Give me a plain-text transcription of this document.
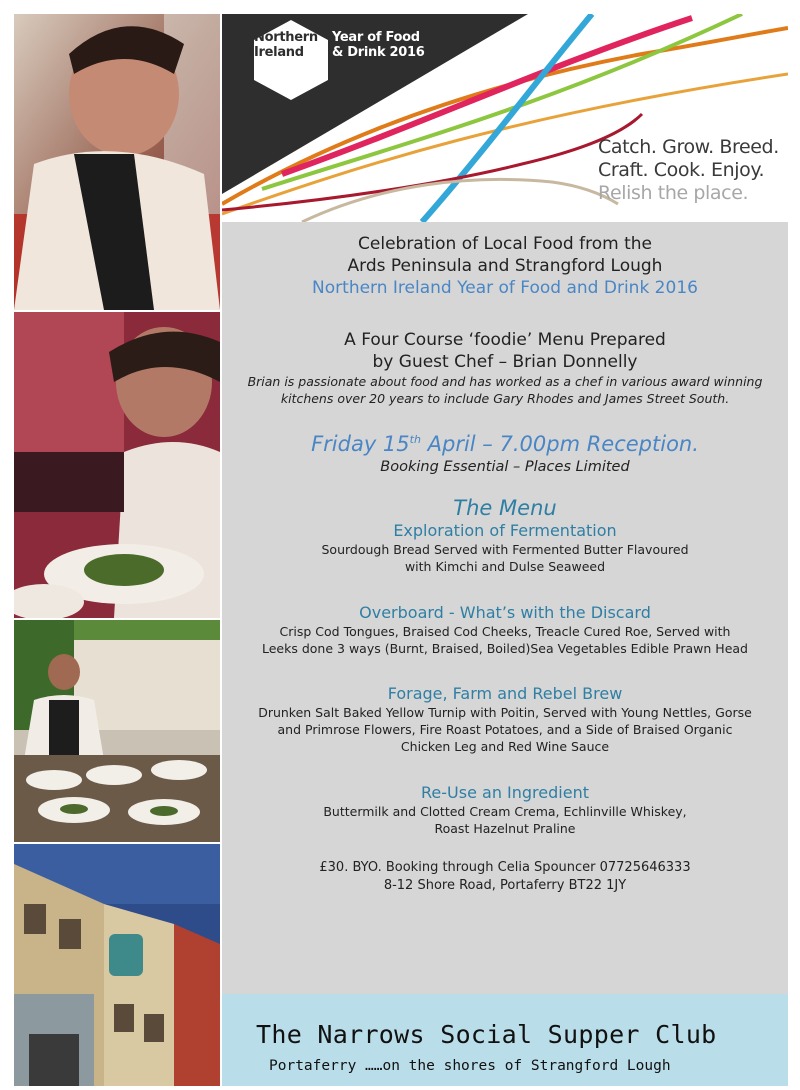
Northern
Ireland
Year of Food
& Drink 2016
Catch. Grow. Breed.
Craft. Cook. Enjoy.
Relish the place.
Celebration of Local Food from the
Ards Peninsula and Strangford Lough
Northern Ireland Year of Food and Drink 2016
A Four Course ‘foodie’ Menu Prepared
by Guest Chef – Brian Donnelly
Brian is passionate about food and has worked as a chef in various award winning kitchens over 20 years to include Gary Rhodes and James Street South.
Friday 15th April – 7.00pm Reception.
Booking Essential – Places Limited
The Menu
Exploration of Fermentation
Sourdough Bread Served with Fermented Butter Flavoured
with Kimchi and Dulse Seaweed
Overboard - What’s with the Discard
Crisp Cod Tongues, Braised Cod Cheeks, Treacle Cured Roe, Served with
Leeks done 3 ways (Burnt, Braised, Boiled)Sea Vegetables Edible Prawn Head
Forage, Farm and Rebel Brew
Drunken Salt Baked Yellow Turnip with Poitin, Served with Young Nettles, Gorse
and Primrose Flowers, Fire Roast Potatoes, and a Side of Braised Organic
Chicken Leg and Red Wine Sauce
Re-Use an Ingredient
Buttermilk and Clotted Cream Crema, Echlinville Whiskey,
Roast Hazelnut Praline
£30. BYO. Booking through Celia Spouncer 07725646333
8-12 Shore Road, Portaferry BT22 1JY
The Narrows Social Supper Club
Portaferry ……on the shores of Strangford Lough
